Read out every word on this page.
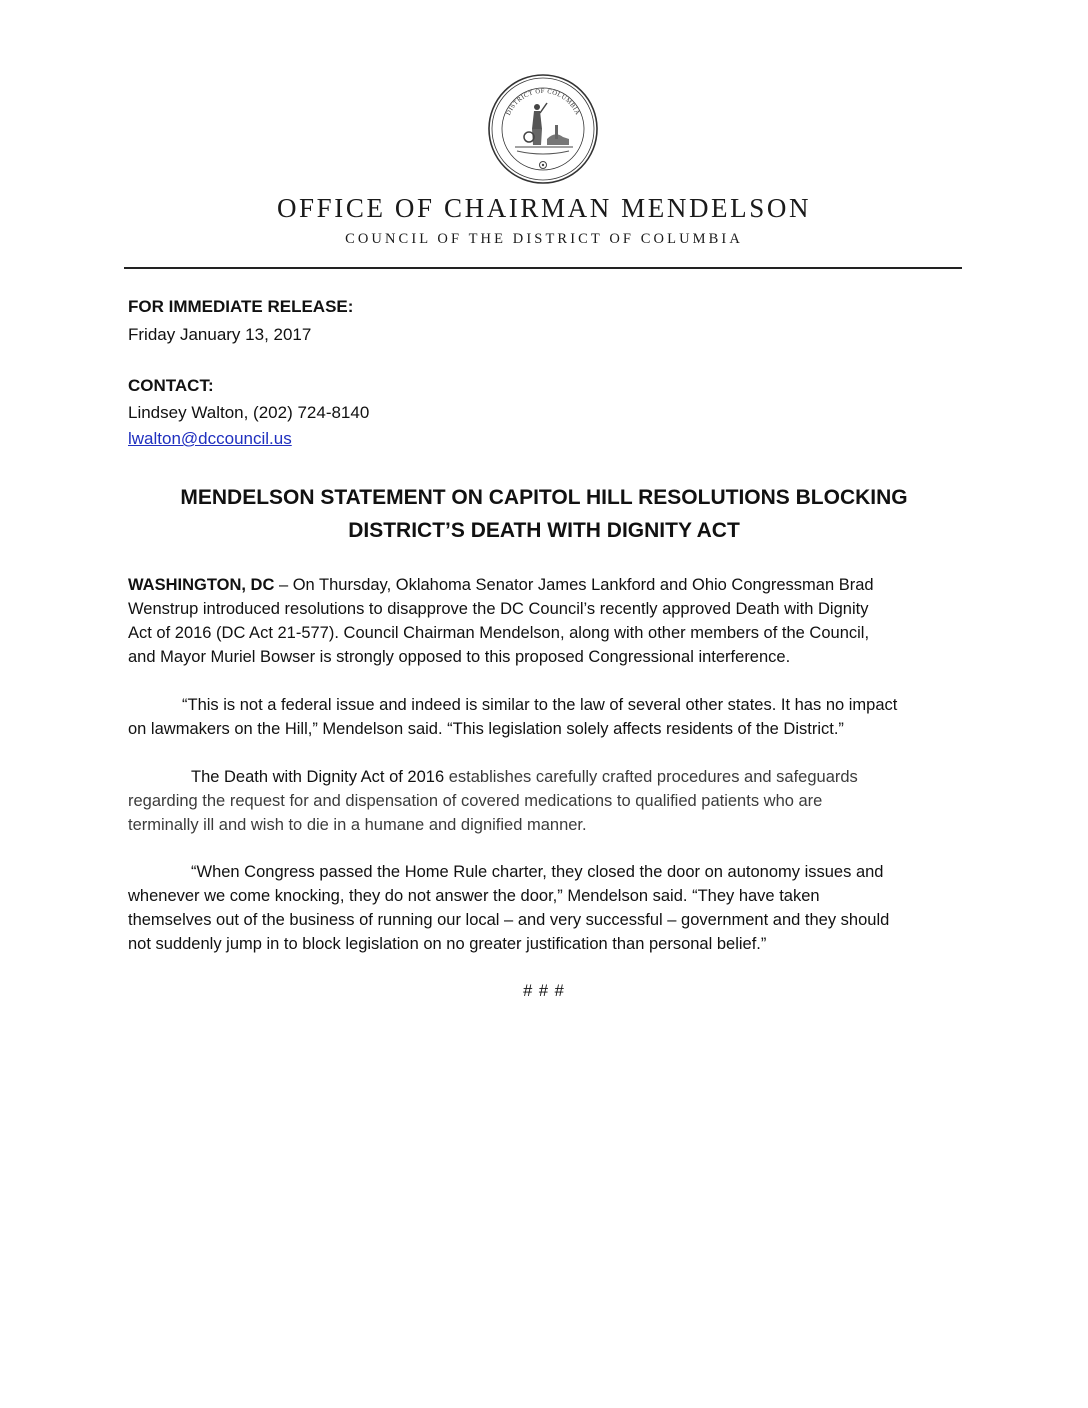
DISTRICT OF COLUMBIA
OFFICE OF CHAIRMAN MENDELSON
COUNCIL OF THE DISTRICT OF COLUMBIA
FOR IMMEDIATE RELEASE:
Friday January 13, 2017
CONTACT:
Lindsey Walton, (202) 724-8140
lwalton@dccouncil.us
MENDELSON STATEMENT ON CAPITOL HILL RESOLUTIONS BLOCKING
DISTRICT’S DEATH WITH DIGNITY ACT
WASHINGTON, DC – On Thursday, Oklahoma Senator James Lankford and Ohio Congressman Brad
Wenstrup introduced resolutions to disapprove the DC Council’s recently approved Death with Dignity
Act of 2016 (DC Act 21-577). Council Chairman Mendelson, along with other members of the Council,
and Mayor Muriel Bowser is strongly opposed to this proposed Congressional interference.
“This is not a federal issue and indeed is similar to the law of several other states. It has no impact
on lawmakers on the Hill,” Mendelson said. “This legislation solely affects residents of the District.”
The Death with Dignity Act of 2016 establishes carefully crafted procedures and safeguards
regarding the request for and dispensation of covered medications to qualified patients who are
terminally ill and wish to die in a humane and dignified manner.
“When Congress passed the Home Rule charter, they closed the door on autonomy issues and
whenever we come knocking, they do not answer the door,” Mendelson said. “They have taken
themselves out of the business of running our local – and very successful – government and they should
not suddenly jump in to block legislation on no greater justification than personal belief.”
# # #
